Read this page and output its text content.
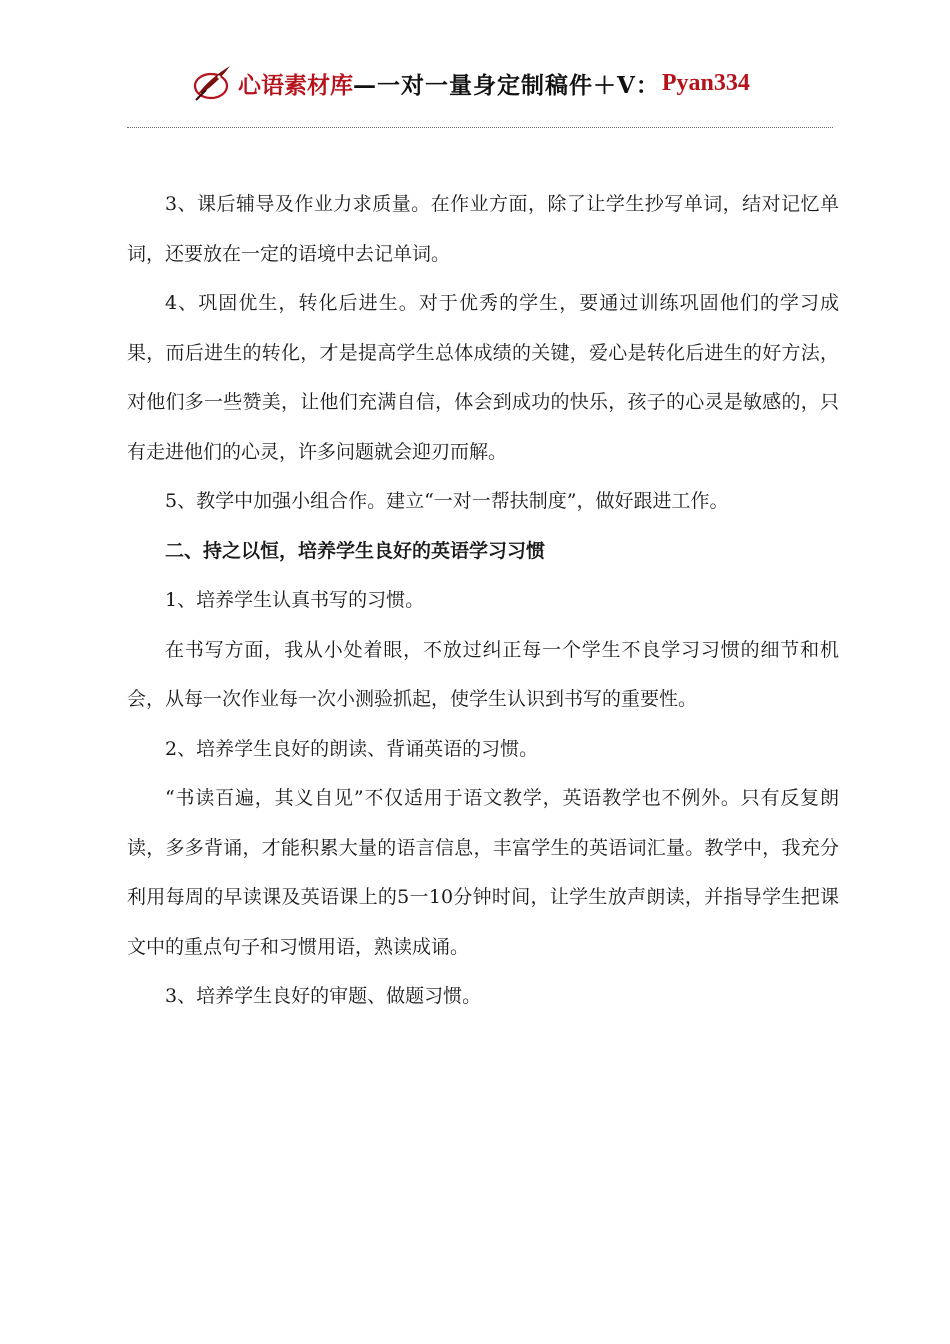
心语素材库 —一对一量身定制稿件＋V： Pyan334

3、课后辅导及作业力求质量。在作业方面，除了让学生抄写单词，结对记忆单词，还要放在一定的语境中去记单词。

4、巩固优生，转化后进生。对于优秀的学生，要通过训练巩固他们的学习成果，而后进生的转化，才是提高学生总体成绩的关键，爱心是转化后进生的好方法，对他们多一些赞美，让他们充满自信，体会到成功的快乐，孩子的心灵是敏感的，只有走进他们的心灵，许多问题就会迎刃而解。

5、教学中加强小组合作。建立“一对一帮扶制度”，做好跟进工作。

二、持之以恒，培养学生良好的英语学习习惯

1、培养学生认真书写的习惯。

在书写方面，我从小处着眼，不放过纠正每一个学生不良学习习惯的细节和机会，从每一次作业每一次小测验抓起，使学生认识到书写的重要性。

2、培养学生良好的朗读、背诵英语的习惯。

“书读百遍，其义自见”不仅适用于语文教学，英语教学也不例外。只有反复朗读，多多背诵，才能积累大量的语言信息，丰富学生的英语词汇量。教学中，我充分利用每周的早读课及英语课上的5一10分钟时间，让学生放声朗读，并指导学生把课文中的重点句子和习惯用语，熟读成诵。

3、培养学生良好的审题、做题习惯。
